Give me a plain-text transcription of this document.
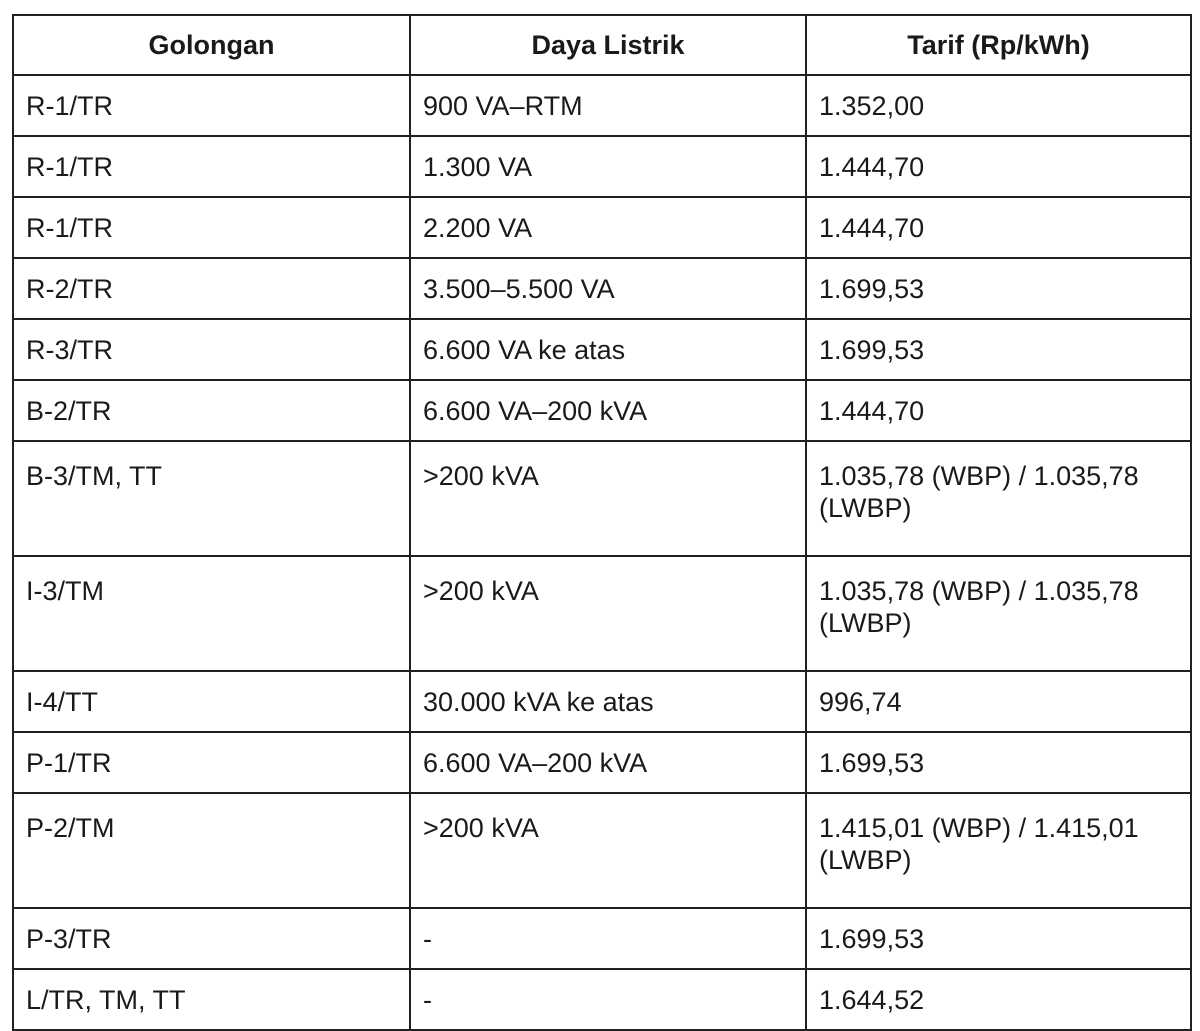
Golongan	Daya Listrik	Tarif (Rp/kWh)
R-1/TR	900 VA–RTM	1.352,00
R-1/TR	1.300 VA	1.444,70
R-1/TR	2.200 VA	1.444,70
R-2/TR	3.500–5.500 VA	1.699,53
R-3/TR	6.600 VA ke atas	1.699,53
B-2/TR	6.600 VA–200 kVA	1.444,70
B-3/TM, TT	>200 kVA	1.035,78 (WBP) / 1.035,78 (LWBP)
I-3/TM	>200 kVA	1.035,78 (WBP) / 1.035,78 (LWBP)
I-4/TT	30.000 kVA ke atas	996,74
P-1/TR	6.600 VA–200 kVA	1.699,53
P-2/TM	>200 kVA	1.415,01 (WBP) / 1.415,01 (LWBP)
P-3/TR	-	1.699,53
L/TR, TM, TT	-	1.644,52
